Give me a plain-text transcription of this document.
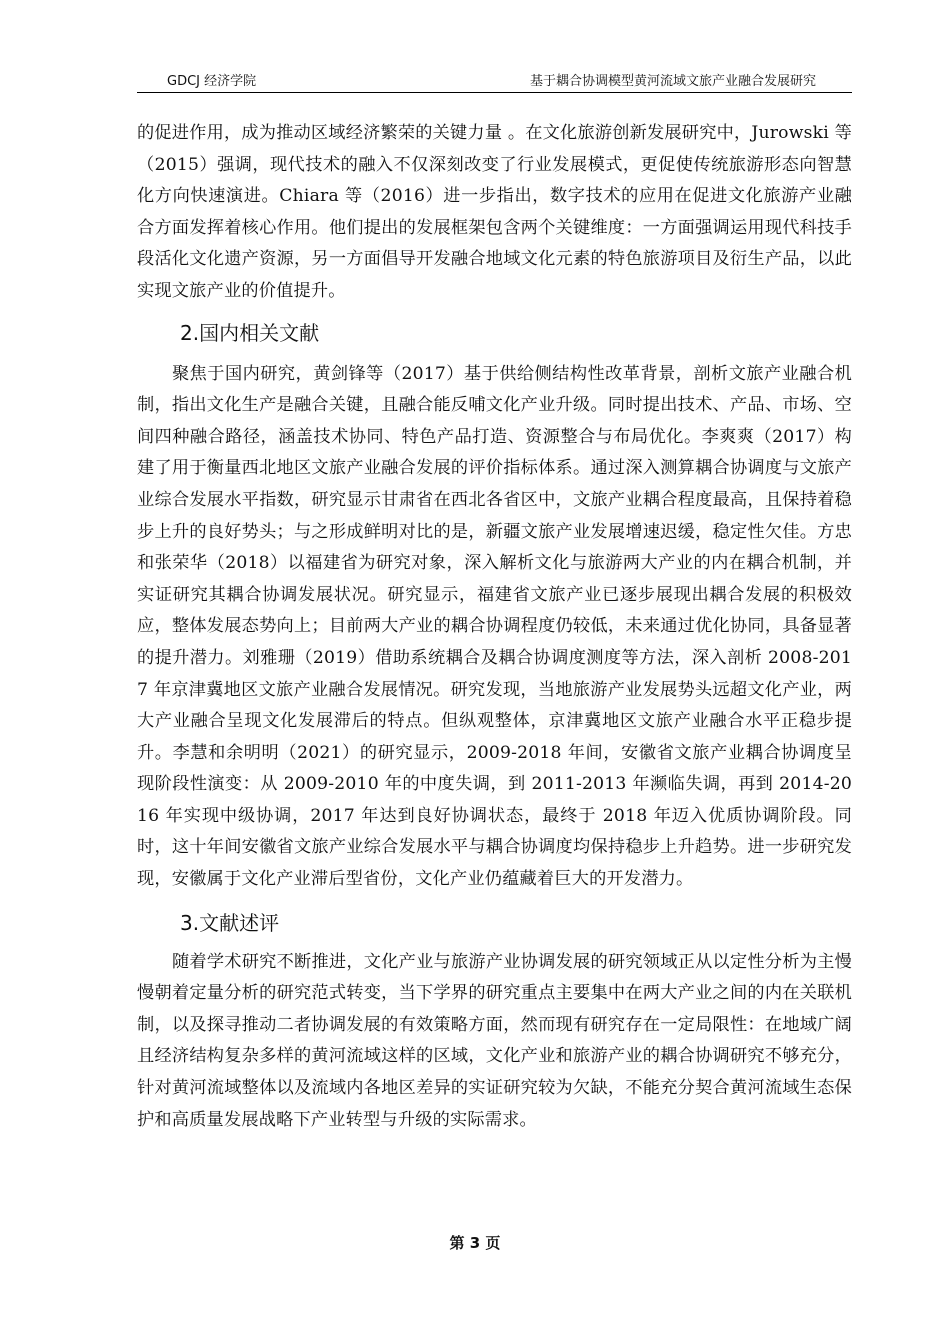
GDCJ 经济学院	基于耦合协调模型黄河流域文旅产业融合发展研究

的促进作用，成为推动区域经济繁荣的关键力量 。在文化旅游创新发展研究中，Jurowski 等（2015）强调，现代技术的融入不仅深刻改变了行业发展模式，更促使传统旅游形态向智慧化方向快速演进。Chiara 等（2016）进一步指出，数字技术的应用在促进文化旅游产业融合方面发挥着核心作用。他们提出的发展框架包含两个关键维度：一方面强调运用现代科技手段活化文化遗产资源，另一方面倡导开发融合地域文化元素的特色旅游项目及衍生产品，以此实现文旅产业的价值提升。

2.国内相关文献

聚焦于国内研究，黄剑锋等（2017）基于供给侧结构性改革背景，剖析文旅产业融合机制，指出文化生产是融合关键，且融合能反哺文化产业升级。同时提出技术、产品、市场、空间四种融合路径，涵盖技术协同、特色产品打造、资源整合与布局优化。李爽爽（2017）构建了用于衡量西北地区文旅产业融合发展的评价指标体系。通过深入测算耦合协调度与文旅产业综合发展水平指数，研究显示甘肃省在西北各省区中，文旅产业耦合程度最高，且保持着稳步上升的良好势头；与之形成鲜明对比的是，新疆文旅产业发展增速迟缓，稳定性欠佳。方忠和张荣华（2018）以福建省为研究对象，深入解析文化与旅游两大产业的内在耦合机制，并实证研究其耦合协调发展状况。研究显示，福建省文旅产业已逐步展现出耦合发展的积极效应，整体发展态势向上；目前两大产业的耦合协调程度仍较低，未来通过优化协同，具备显著的提升潜力。刘雅珊（2019）借助系统耦合及耦合协调度测度等方法，深入剖析 2008-2017 年京津冀地区文旅产业融合发展情况。研究发现，当地旅游产业发展势头远超文化产业，两大产业融合呈现文化发展滞后的特点。但纵观整体，京津冀地区文旅产业融合水平正稳步提升。李慧和余明明（2021）的研究显示，2009-2018 年间，安徽省文旅产业耦合协调度呈现阶段性演变：从 2009-2010 年的中度失调，到 2011-2013 年濒临失调，再到 2014-2016 年实现中级协调，2017 年达到良好协调状态，最终于 2018 年迈入优质协调阶段。同时，这十年间安徽省文旅产业综合发展水平与耦合协调度均保持稳步上升趋势。进一步研究发现，安徽属于文化产业滞后型省份，文化产业仍蕴藏着巨大的开发潜力。

3.文献述评

随着学术研究不断推进，文化产业与旅游产业协调发展的研究领域正从以定性分析为主慢慢朝着定量分析的研究范式转变，当下学界的研究重点主要集中在两大产业之间的内在关联机制，以及探寻推动二者协调发展的有效策略方面，然而现有研究存在一定局限性：在地域广阔且经济结构复杂多样的黄河流域这样的区域，文化产业和旅游产业的耦合协调研究不够充分，针对黄河流域整体以及流域内各地区差异的实证研究较为欠缺，不能充分契合黄河流域生态保护和高质量发展战略下产业转型与升级的实际需求。

第 3 页
